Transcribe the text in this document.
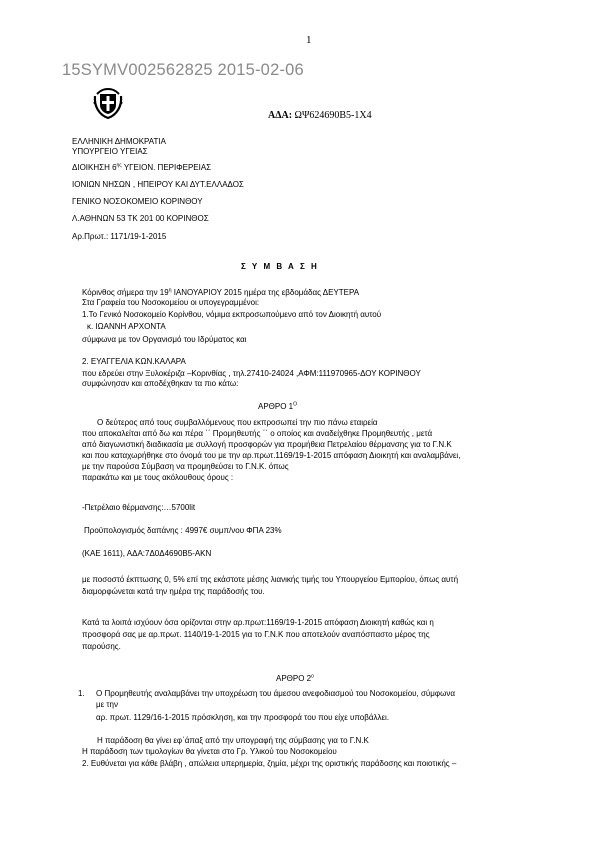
1
15SYMV002562825 2015-02-06
ΑΔΑ: ΩΨ624690Β5-1Χ4
ΕΛΛΗΝΙΚΗ ΔΗΜΟΚΡΑΤΙΑ
ΥΠΟΥΡΓΕΙΟ ΥΓΕΙΑΣ
ΔΙΟΙΚΗΣΗ $6^{\eta\varsigma}$ ΥΓΕΙΟΝ. ΠΕΡΙΦΕΡΕΙΑΣ
ΙΟΝΙΩΝ ΝΗΣΩΝ , ΗΠΕΙΡΟΥ ΚΑΙ ΔΥΤ.ΕΛΛΑΔΟΣ
ΓΕΝΙΚΟ ΝΟΣΟΚΟΜΕΙΟ ΚΟΡΙΝΘΟΥ
Λ.ΑΘΗΝΩΝ 53 ΤΚ 201 00 ΚΟΡΙΝΘΟΣ
Αρ.Πρωτ.: 1171/19-1-2015
Σ Υ Μ Β Α Σ Η
Κόρινθος σήμερα την $19^\eta$ ΙΑΝΟΥΑΡΙΟΥ 2015 ημέρα της εβδομάδας ΔΕΥΤΕΡΑ
Στα Γραφεία του Νοσοκομείου οι υπογεγραμμένοι:
1.Το Γενικό Νοσοκομείο Κορίνθου, νόμιμα εκπροσωπούμενο από τον Διοικητή αυτού
κ. ΙΩΑΝΝΗ ΑΡΧΟΝΤΑ
σύμφωνα με τον Οργανισμό του Ιδρύματος και
2. ΕΥΑΓΓΕΛΙΑ ΚΩΝ.ΚΑΛΑΡΑ
που εδρεύει στην Ξυλοκέριζα –Κορινθίας , τηλ.27410-24024 ,ΑΦΜ:111970965-ΔΟΥ ΚΟΡΙΝΘΟΥ
συμφώνησαν και αποδέχθηκαν τα πιο κάτω:
ΑΡΘΡΟ $1^O$
Ο δεύτερος από τους συμβαλλόμενους που εκπροσωπεί την πιο πάνω εταιρεία
που αποκαλείται από δω και πέρα ΄΄ Προμηθευτής ΄΄ ο οποίος και αναδείχθηκε Προμηθευτής , μετά
από διαγωνιστική διαδικασία με συλλογή προσφορών για προμήθεια Πετρελαίου θέρμανσης για το Γ.Ν.Κ
και που καταχωρήθηκε στο όνομά του με την αρ.πρωτ.1169/19-1-2015 απόφαση Διοικητή και αναλαμβάνει,
με την παρούσα Σύμβαση να προμηθεύσει το Γ.Ν.Κ. όπως
παρακάτω και με τους ακόλουθους όρους :
-Πετρέλαιο θέρμανσης:…5700lit
Προϋπολογισμός δαπάνης : 4997€ συμπ/νου ΦΠΑ 23%
(ΚΑΕ 1611), ΑΔΑ:7Δ0Δ4690Β5-ΑΚΝ
με ποσοστό έκπτωσης 0, 5% επί της εκάστοτε μέσης λιανικής τιμής του Υπουργείου Εμπορίου, όπως αυτή
διαμορφώνεται κατά την ημέρα της παράδοσής του.
Κατά τα λοιπά ισχύουν όσα ορίζονται στην αρ.πρωτ:1169/19-1-2015 απόφαση Διοικητή καθώς και η
προσφορά σας με αρ.πρωτ. 1140/19-1-2015 για το Γ.Ν.Κ που αποτελούν αναπόσπαστο μέρος της
παρούσης.
ΑΡΘΡΟ $2^o$
1. Ο Προμηθευτής αναλαμβάνει την υποχρέωση του άμεσου ανεφοδιασμού του Νοσοκομείου, σύμφωνα
με την
αρ. πρωτ. 1129/16-1-2015 πρόσκληση, και την προσφορά του που είχε υποβάλλει.
Η παράδοση θα γίνει εφ΄άπαξ από την υπογραφή της σύμβασης για το Γ.Ν.Κ
Η παράδοση των τιμολογίων θα γίνεται στο Γρ. Υλικού του Νοσοκομείου
2. Ευθύνεται για κάθε βλάβη , απώλεια υπερημερία, ζημία, μέχρι της οριστικής παράδοσης και ποιοτικής –
